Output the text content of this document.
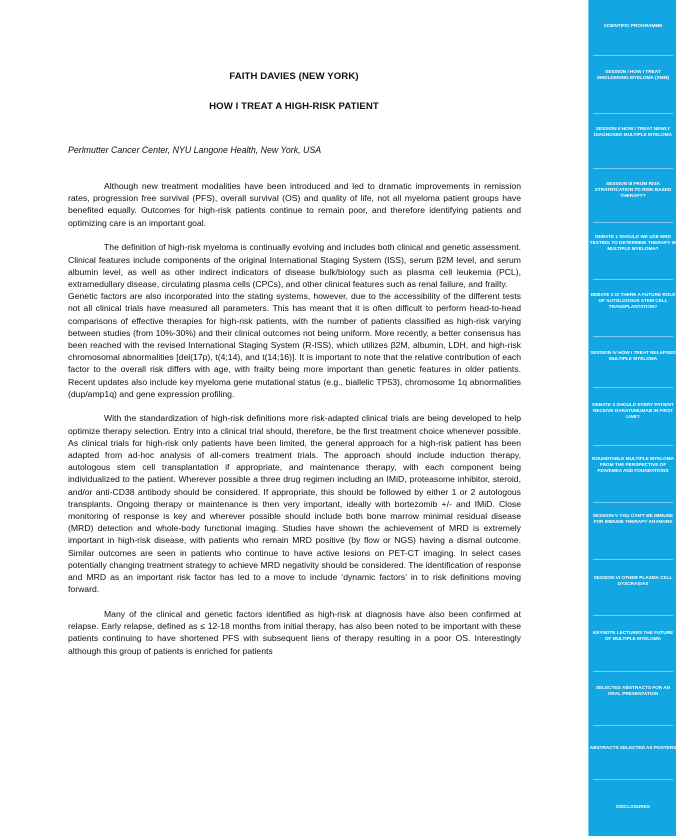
FAITH DAVIES (NEW YORK)
HOW I TREAT A HIGH-RISK PATIENT
Perlmutter Cancer Center, NYU Langone Health, New York, USA

Although new treatment modalities have been introduced and led to dramatic improvements in remission rates, progression free survival (PFS), overall survival (OS) and quality of life, not all myeloma patient groups have benefited equally. Outcomes for high-risk patients continue to remain poor, and therefore identifying patients and optimizing care is an important goal.

The definition of high-risk myeloma is continually evolving and includes both clinical and genetic assessment. Clinical features include components of the original International Staging System (ISS), serum β2M level, and serum albumin level, as well as other indirect indicators of disease bulk/biology such as plasma cell leukemia (PCL), extramedullary disease, circulating plasma cells (CPCs), and other clinical features such as renal failure, and frailty.

Genetic factors are also incorporated into the stating systems, however, due to the accessibility of the different tests not all clinical trials have measured all parameters. This has meant that it is often difficult to perform head-to-head comparisons of effective therapies for high-risk patients, with the number of patients classified as high-risk varying between studies (from 10%-30%) and their clinical outcomes not being uniform. More recently, a better consensus has been reached with the revised International Staging System (R-ISS), which utilizes β2M, albumin, LDH, and high-risk chromosomal abnormalities [del(17p), t(4;14), and t(14;16)]. It is important to note that the relative contribution of each factor to the overall risk differs with age, with frailty being more important than genetic features in older patients. Recent updates also include key myeloma gene mutational status (e.g., biallelic TP53), chromosome 1q abnormalities (dup/amp1q) and gene expression profiling.

With the standardization of high-risk definitions more risk-adapted clinical trials are being developed to help optimize therapy selection. Entry into a clinical trial should, therefore, be the first treatment choice whenever possible. As clinical trials for high-risk only patients have been limited, the general approach for a high-risk patient has been adapted from ad-hoc analysis of all-comers treatment trials. The approach should include induction therapy, autologous stem cell transplantation if appropriate, and maintenance therapy, with each component being individualized to the patient. Wherever possible a three drug regimen including an IMiD, proteasome inhibitor, steroid, and/or anti-CD38 antibody should be considered. If appropriate, this should be followed by either 1 or 2 autologous transplants. Ongoing therapy or maintenance is then very important, ideally with bortezomib +/- and IMiD. Close monitoring of response is key and wherever possible should include both bone marrow minimal residual disease (MRD) detection and whole-body functional imaging. Studies have shown the achievement of MRD is extremely important in high-risk disease, with patients who remain MRD positive (by flow or NGS) having a dismal outcome. Similar outcomes are seen in patients who continue to have active lesions on PET-CT imaging. In select cases potentially changing treatment strategy to achieve MRD negativity should be considered. The identification of response and MRD as an important risk factor has led to a move to include ‘dynamic factors’ in to risk definitions moving forward.

Many of the clinical and genetic factors identified as high-risk at diagnosis have also been confirmed at relapse. Early relapse, defined as ≤ 12-18 months from initial therapy, has also been noted to be important with these patients continuing to have shortened PFS with subsequent liens of therapy resulting in a poor OS. Interestingly although this group of patients is enriched for patients

SCIENTIFIC PROGRAMME
SESSION I HOW I TREAT SMOLDERING MYELOMA (SMM)
SESSION II HOW I TREAT NEWLY DIAGNOSED MULTIPLE MYELOMA
SESSION III FROM RISK STRATIFICATION TO RISK-BASED THERAPY?
DEBATE 1 SHOULD WE USE MRD TESTING TO DETERMINE THERAPY IN MULTIPLE MYELOMA?
DEBATE 2 IS THERE A FUTURE ROLE OF AUTOLOGOUS STEM CELL TRANSPLANTATION?
SESSION IV HOW I TREAT RELAPSED MULTIPLE MYELOMA
DEBATE 3 SHOULD EVERY PATIENT RECEIVE DARATUMUMAB IN FIRST LINE?
ROUNDTABLE MULTIPLE MYELOMA FROM THE PERSPECTIVE OF FDA/EMEA AND FOUNDATIONS
SESSION V YOU CAN'T BE IMMUNE FOR IMMUNE THERAPY ANYMORE
SESSION VI OTHER PLASMA CELL DYSCRASIAS
KEYNOTE LECTURES THE FUTURE OF MULTIPLE MYELOMA
SELECTED ABSTRACTS FOR AN ORAL PRESENTATION
ABSTRACTS SELECTED AS POSTERS
DISCLOSURES
